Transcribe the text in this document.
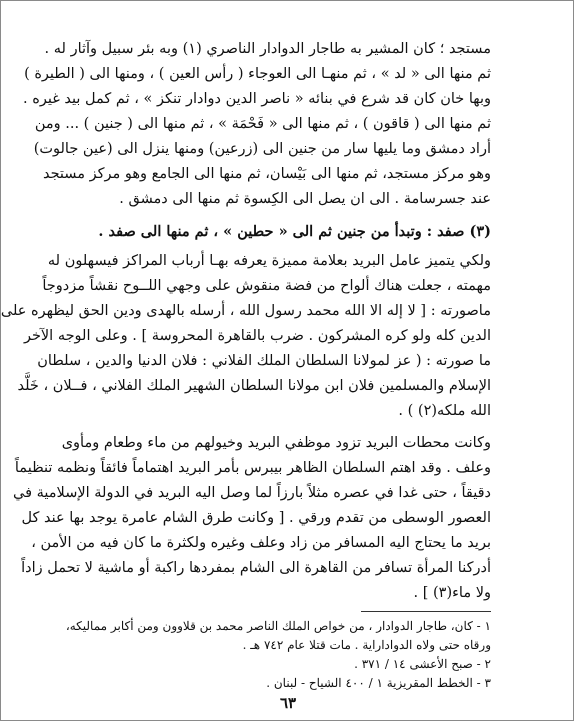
مستجد ؛ كان المشير به طاجار الدوادار الناصري (١) وبه بئر سبيل وآثار له .
ثم منها الى « لد » ، ثم منهـا الى العوجاء ( رأس العين ) ، ومنها الى ( الطيرة )
وبها خان كان قد شرع في بنائه « ناصر الدين دوادار تنكز » ، ثم كمل بيد غيره .
ثم منها الى ( قاقون ) ، ثم منها الى « فَحْمَة » ، ثم منها الى ( جنين ) ... ومن
أراد دمشق وما يليها سار من جنين الى (زرعين) ومنها ينزل الى (عين جالوت)
وهو مركز مستجد، ثم منها الى بَيْسان، ثم منها الى الجامع وهو مركز مستجد
عند جسرسامة . الى ان يصل الى الكِسوة ثم منها الى دمشق .
(٣) صفد : وتبدأ من جنين ثم الى « حطين » ، ثم منها الى صفد .
ولكي يتميز عامل البريد بعلامة مميزة يعرفه بهـا أرباب المراكز فيسهلون له
مهمته ، جعلت هناك ألواح من فضة منقوش على وجهي اللــوح نقشاً مزدوجاً
ماصورته : [ لا إله الا الله محمد رسول الله ، أرسله بالهدى ودين الحق ليظهره على
الدين كله ولو كره المشركون . ضرب بالقاهرة المحروسة ] . وعلى الوجه الآخر
ما صورته : ( عز لمولانا السلطان الملك الفلاني : فلان الدنيا والدين ، سلطان
الإسلام والمسلمين فلان ابن مولانا السلطان الشهير الملك الفلاني ، فــلان ، خَلَّد
الله ملكه(٢) ) .
وكانت محطات البريد تزود موظفي البريد وخيولهم من ماء وطعام ومأوى
وعلف . وقد اهتم السلطان الظاهر بيبرس بأمر البريد اهتماماً فائقاً ونظمه تنظيماً
دقيقاً ، حتى غدا في عصره مثلاً بارزاً لما وصل اليه البريد في الدولة الإسلامية في
العصور الوسطى من تقدم ورقي . [ وكانت طرق الشام عامرة يوجد بها عند كل
بريد ما يحتاج اليه المسافر من زاد وعلف وغيره ولكثرة ما كان فيه من الأمن ،
أدركنا المرأة تسافر من القاهرة الى الشام بمفردها راكبة أو ماشية لا تحمل زاداً
ولا ماء(٣) ] .
١ - كان، طاجار الدوادار ، من خواص الملك الناصر محمد بن قلاوون ومن أكابر مماليكه،
ورقاه حتى ولاه الدواداراية . مات قتلا عام ٧٤٢ هـ .
٢ - صبح الأعشى ١٤ / ٣٧١ .
٣ - الخطط المقريزية ١ / ٤٠٠ الشياح - لبنان .
٦٣
